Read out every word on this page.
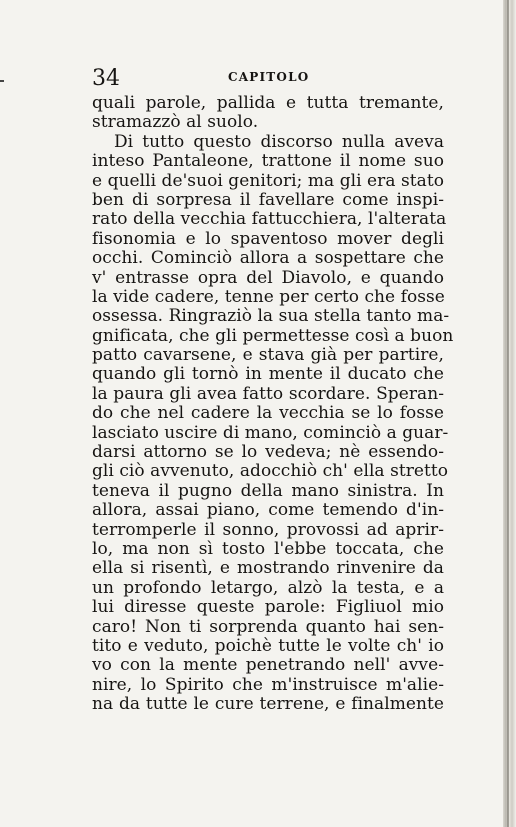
34	CAPITOLO
quali parole, pallida e tutta tremante,
stramazzò al suolo.
Di tutto questo discorso nulla aveva
inteso Pantaleone, trattone il nome suo
e quelli de'suoi genitori; ma gli era stato
ben di sorpresa il favellare come inspi-
rato della vecchia fattucchiera, l'alterata
fisonomia e lo spaventoso mover degli
occhi. Cominciò allora a sospettare che
v' entrasse opra del Diavolo, e quando
la vide cadere, tenne per certo che fosse
ossessa. Ringraziò la sua stella tanto ma-
gnificata, che gli permettesse così a buon
patto cavarsene, e stava già per partire,
quando gli tornò in mente il ducato che
la paura gli avea fatto scordare. Speran-
do che nel cadere la vecchia se lo fosse
lasciato uscire di mano, cominciò a guar-
darsi attorno se lo vedeva; nè essendo-
gli ciò avvenuto, adocchiò ch' ella stretto
teneva il pugno della mano sinistra. In
allora, assai piano, come temendo d'in-
terromperle il sonno, provossi ad aprir-
lo, ma non sì tosto l'ebbe toccata, che
ella si risentì, e mostrando rinvenire da
un profondo letargo, alzò la testa, e a
lui diresse queste parole: Figliuol mio
caro! Non ti sorprenda quanto hai sen-
tito e veduto, poichè tutte le volte ch' io
vo con la mente penetrando nell' avve-
nire, lo Spirito che m'instruisce m'alie-
na da tutte le cure terrene, e finalmente
